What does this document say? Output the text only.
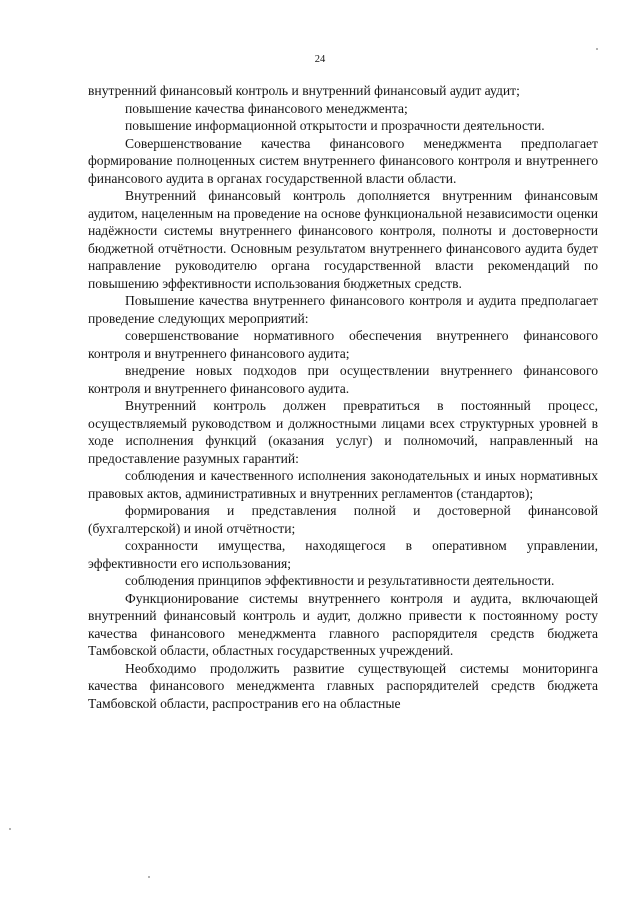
24

внутренний финансовый контроль и внутренний финансовый аудит аудит;

повышение качества финансового менеджмента;

повышение информационной открытости и прозрачности деятельности.

Совершенствование качества финансового менеджмента предполагает формирование полноценных систем внутреннего финансового контроля и внутреннего финансового аудита в органах государственной власти области.

Внутренний финансовый контроль дополняется внутренним финансовым аудитом, нацеленным на проведение на основе функциональной независимости оценки надёжности системы внутреннего финансового контроля, полноты и достоверности бюджетной отчётности. Основным результатом внутреннего финансового аудита будет направление руководителю органа государственной власти рекомендаций по повышению эффективности использования бюджетных средств.

Повышение качества внутреннего финансового контроля и аудита предполагает проведение следующих мероприятий:

совершенствование нормативного обеспечения внутреннего финансового контроля и внутреннего финансового аудита;

внедрение новых подходов при осуществлении внутреннего финансового контроля и внутреннего финансового аудита.

Внутренний контроль должен превратиться в постоянный процесс, осуществляемый руководством и должностными лицами всех структурных уровней в ходе исполнения функций (оказания услуг) и полномочий, направленный на предоставление разумных гарантий:

соблюдения и качественного исполнения законодательных и иных нормативных правовых актов, административных и внутренних регламентов (стандартов);

формирования и представления полной и достоверной финансовой (бухгалтерской) и иной отчётности;

сохранности имущества, находящегося в оперативном управлении, эффективности его использования;

соблюдения принципов эффективности и результативности деятельности.

Функционирование системы внутреннего контроля и аудита, включающей внутренний финансовый контроль и аудит, должно привести к постоянному росту качества финансового менеджмента главного распорядителя средств бюджета Тамбовской области, областных государственных учреждений.

Необходимо продолжить развитие существующей системы мониторинга качества финансового менеджмента главных распорядителей средств бюджета Тамбовской области, распространив его на областные
